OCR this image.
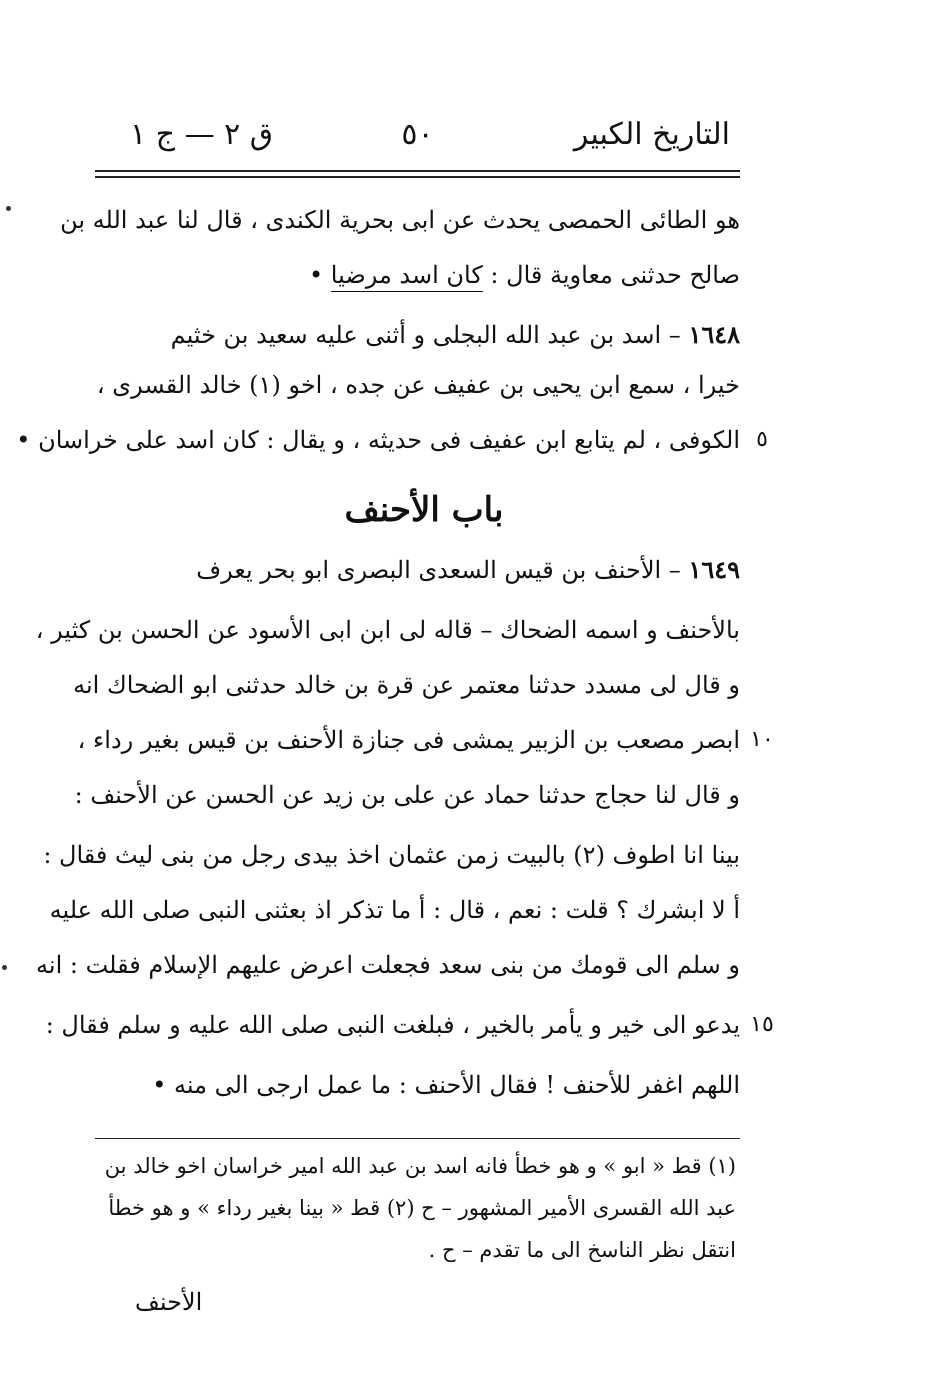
التاريخ الكبير
٥٠
ق ٢ — ج ١
هو الطائى الحمصى يحدث عن ابى بحرية الكندى ، قال لنا عبد الله بن
صالح حدثنى معاوية قال : كان اسد مرضيا •
١٦٤٨ – اسد بن عبد الله البجلى و أثنى عليه سعيد بن خثيم
خيرا ، سمع ابن يحيى بن عفيف عن جده ، اخو (١) خالد القسرى ،
الكوفى ، لم يتابع ابن عفيف فى حديثه ، و يقال : كان اسد على خراسان •
١٦٤٩ – الأحنف بن قيس السعدى البصرى ابو بحر يعرف
بالأحنف و اسمه الضحاك – قاله لى ابن ابى الأسود عن الحسن بن كثير ،
و قال لى مسدد حدثنا معتمر عن قرة بن خالد حدثنى ابو الضحاك انه
ابصر مصعب بن الزبير يمشى فى جنازة الأحنف بن قيس بغير رداء ،
و قال لنا حجاج حدثنا حماد عن على بن زيد عن الحسن عن الأحنف :
بينا انا اطوف (٢) بالبيت زمن عثمان اخذ بيدى رجل من بنى ليث فقال :
أ لا ابشرك ؟ قلت : نعم ، قال : أ ما تذكر اذ بعثنى النبى صلى الله عليه
و سلم الى قومك من بنى سعد فجعلت اعرض عليهم الإسلام فقلت : انه
يدعو الى خير و يأمر بالخير ، فبلغت النبى صلى الله عليه و سلم فقال :
اللهم اغفر للأحنف ! فقال الأحنف : ما عمل ارجى الى منه •
باب الأحنف
(١) قط « ابو » و هو خطأ فانه اسد بن عبد الله امير خراسان اخو خالد بن
عبد الله القسرى الأمير المشهور – ح (٢) قط « بينا بغير رداء » و هو خطأ
انتقل نظر الناسخ الى ما تقدم – ح .
الأحنف
٥
١٠
١٥
